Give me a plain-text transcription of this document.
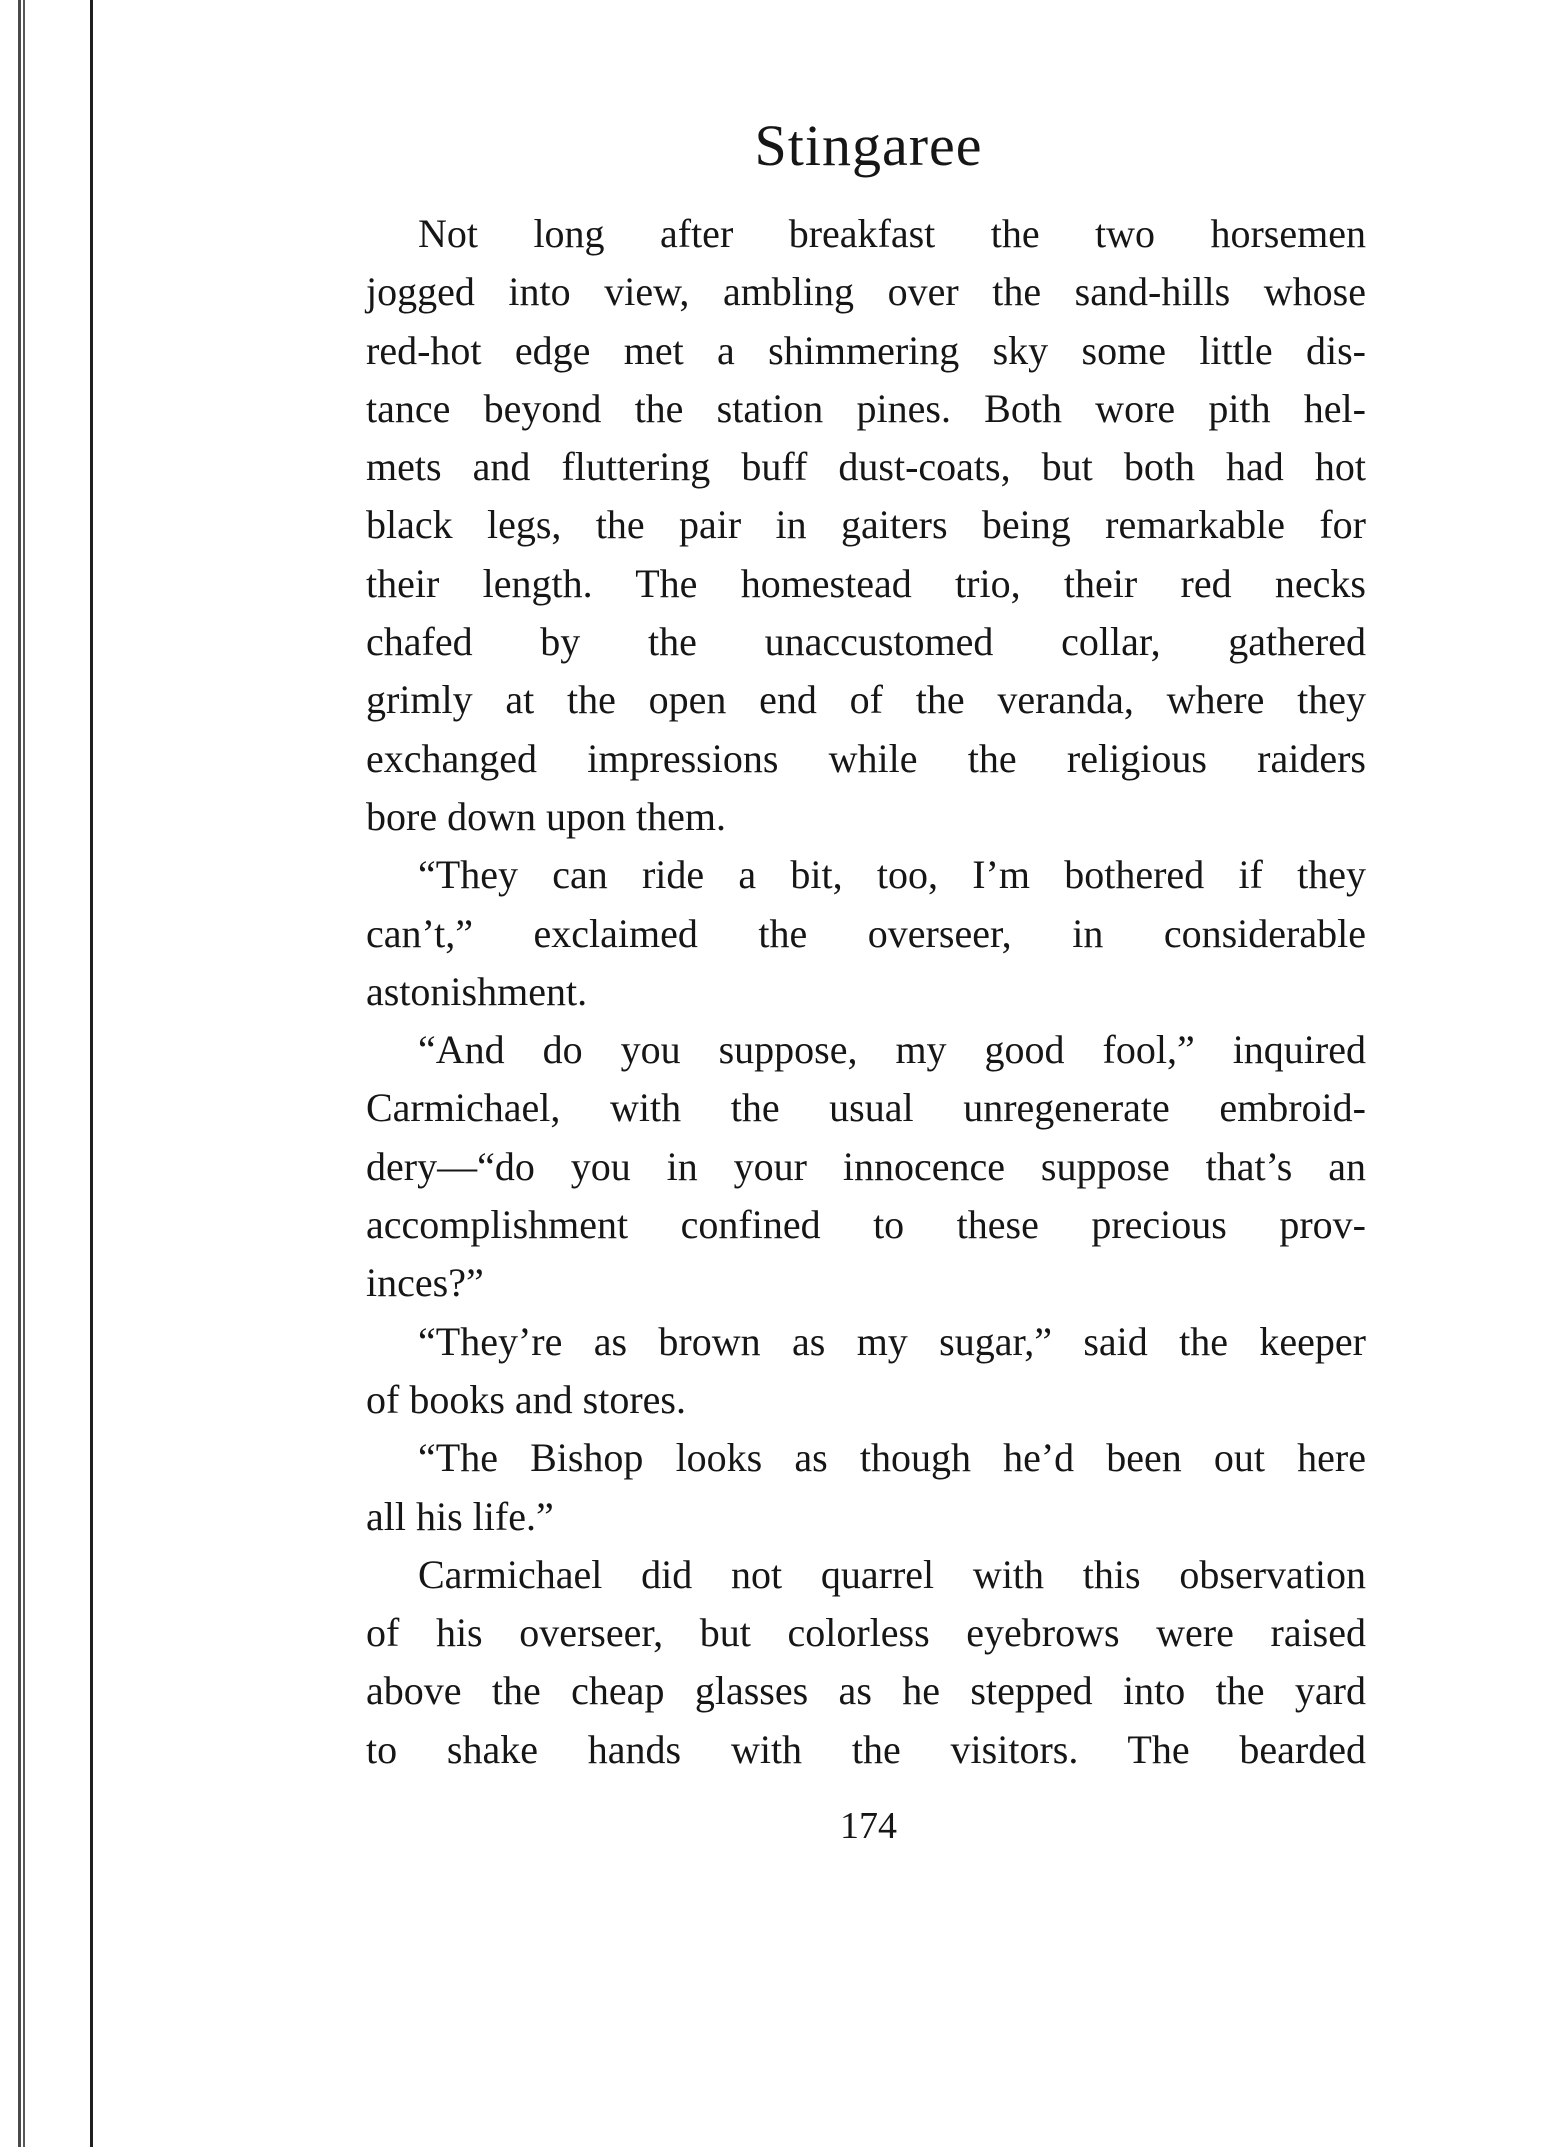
Stingaree
Not long after breakfast the two horsemen
jogged into view, ambling over the sand-hills whose
red-hot edge met a shimmering sky some little dis-
tance beyond the station pines. Both wore pith hel-
mets and fluttering buff dust-coats, but both had hot
black legs, the pair in gaiters being remarkable for
their length. The homestead trio, their red necks
chafed by the unaccustomed collar, gathered
grimly at the open end of the veranda, where they
exchanged impressions while the religious raiders
bore down upon them.
“They can ride a bit, too, I’m bothered if they
can’t,” exclaimed the overseer, in considerable
astonishment.
“And do you suppose, my good fool,” inquired
Carmichael, with the usual unregenerate embroid-
dery—“do you in your innocence suppose that’s an
accomplishment confined to these precious prov-
inces?”
“They’re as brown as my sugar,” said the keeper
of books and stores.
“The Bishop looks as though he’d been out here
all his life.”
Carmichael did not quarrel with this observation
of his overseer, but colorless eyebrows were raised
above the cheap glasses as he stepped into the yard
to shake hands with the visitors. The bearded
174
